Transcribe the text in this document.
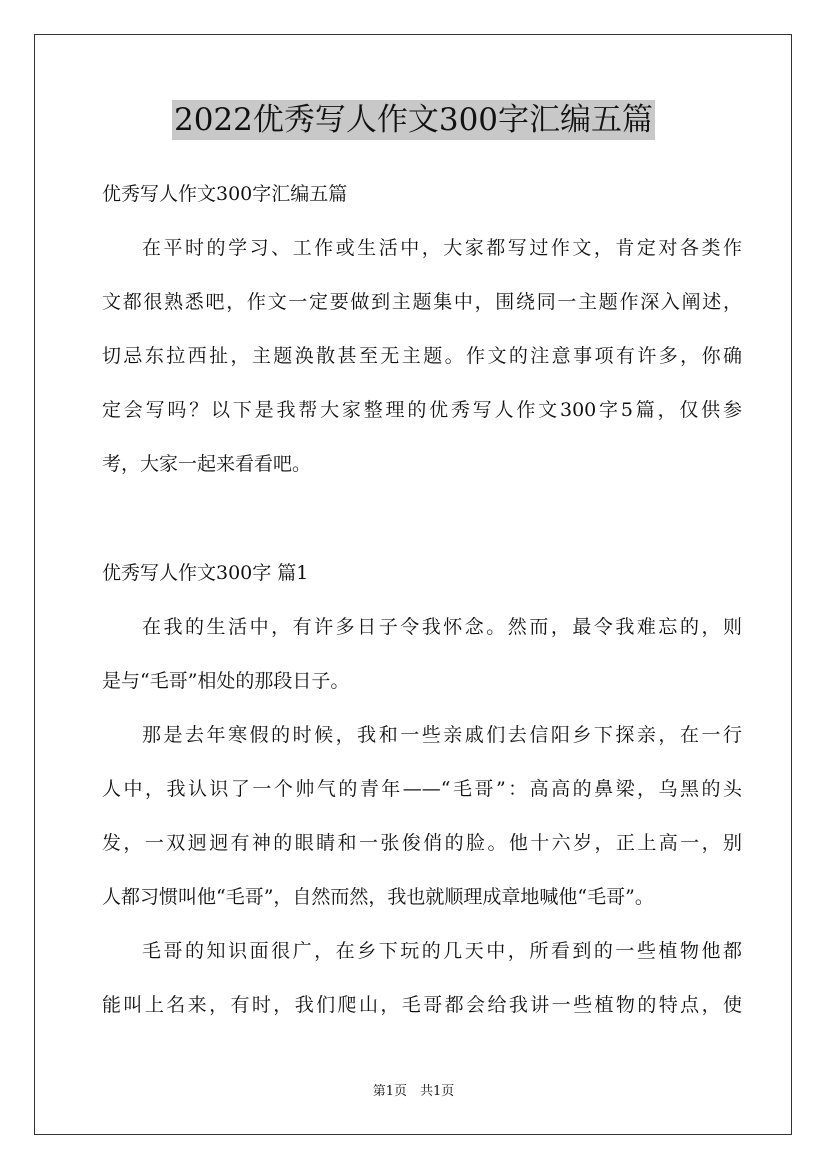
2022优秀写人作文300字汇编五篇
优秀写人作文300字汇编五篇
在平时的学习、工作或生活中，大家都写过作文，肯定对各类作
文都很熟悉吧，作文一定要做到主题集中，围绕同一主题作深入阐述，
切忌东拉西扯，主题涣散甚至无主题。作文的注意事项有许多，你确
定会写吗？以下是我帮大家整理的优秀写人作文300字5篇，仅供参
考，大家一起来看看吧。
优秀写人作文300字 篇1
在我的生活中，有许多日子令我怀念。然而，最令我难忘的，则
是与“毛哥”相处的那段日子。
那是去年寒假的时候，我和一些亲戚们去信阳乡下探亲，在一行
人中，我认识了一个帅气的青年——“毛哥”：高高的鼻梁，乌黑的头
发，一双迥迥有神的眼睛和一张俊俏的脸。他十六岁，正上高一，别
人都习惯叫他“毛哥”，自然而然，我也就顺理成章地喊他“毛哥”。
毛哥的知识面很广，在乡下玩的几天中，所看到的一些植物他都
能叫上名来，有时，我们爬山，毛哥都会给我讲一些植物的特点，使
第1页　共1页
